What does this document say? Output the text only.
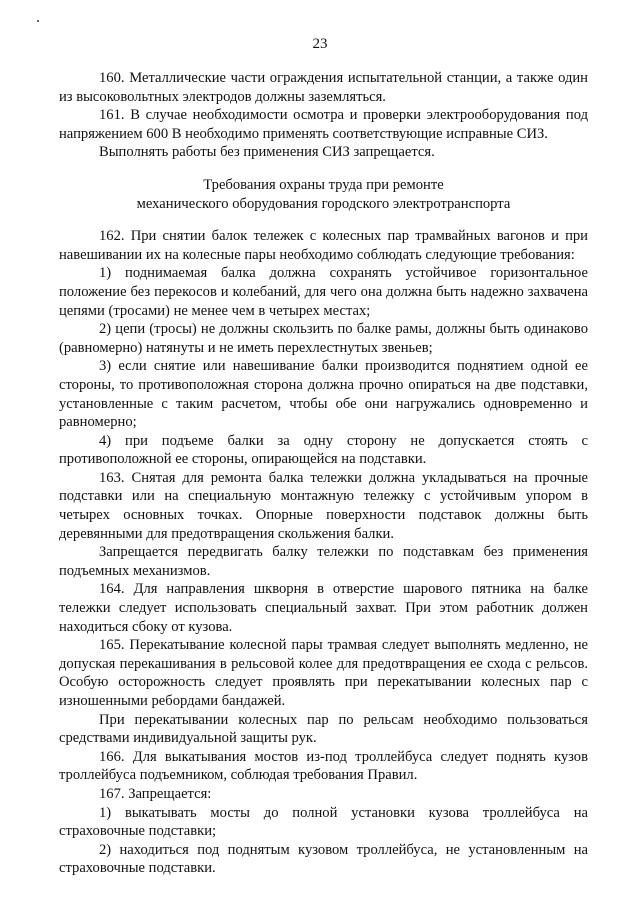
23

160. Металлические части ограждения испытательной станции, а также один из высоковольтных электродов должны заземляться.

161. В случае необходимости осмотра и проверки электрооборудования под напряжением 600 В необходимо применять соответствующие исправные СИЗ.

Выполнять работы без применения СИЗ запрещается.

Требования охраны труда при ремонте
механического оборудования городского электротранспорта

162. При снятии балок тележек с колесных пар трамвайных вагонов и при навешивании их на колесные пары необходимо соблюдать следующие требования:

1) поднимаемая балка должна сохранять устойчивое горизонтальное положение без перекосов и колебаний, для чего она должна быть надежно захвачена цепями (тросами) не менее чем в четырех местах;

2) цепи (тросы) не должны скользить по балке рамы, должны быть одинаково (равномерно) натянуты и не иметь перехлестнутых звеньев;

3) если снятие или навешивание балки производится поднятием одной ее стороны, то противоположная сторона должна прочно опираться на две подставки, установленные с таким расчетом, чтобы обе они нагружались одновременно и равномерно;

4) при подъеме балки за одну сторону не допускается стоять с противоположной ее стороны, опирающейся на подставки.

163. Снятая для ремонта балка тележки должна укладываться на прочные подставки или на специальную монтажную тележку с устойчивым упором в четырех основных точках. Опорные поверхности подставок должны быть деревянными для предотвращения скольжения балки.

Запрещается передвигать балку тележки по подставкам без применения подъемных механизмов.

164. Для направления шкворня в отверстие шарового пятника на балке тележки следует использовать специальный захват. При этом работник должен находиться сбоку от кузова.

165. Перекатывание колесной пары трамвая следует выполнять медленно, не допуская перекашивания в рельсовой колее для предотвращения ее схода с рельсов. Особую осторожность следует проявлять при перекатывании колесных пар с изношенными ребордами бандажей.

При перекатывании колесных пар по рельсам необходимо пользоваться средствами индивидуальной защиты рук.

166. Для выкатывания мостов из-под троллейбуса следует поднять кузов троллейбуса подъемником, соблюдая требования Правил.

167. Запрещается:

1) выкатывать мосты до полной установки кузова троллейбуса на страховочные подставки;

2) находиться под поднятым кузовом троллейбуса, не установленным на страховочные подставки.
